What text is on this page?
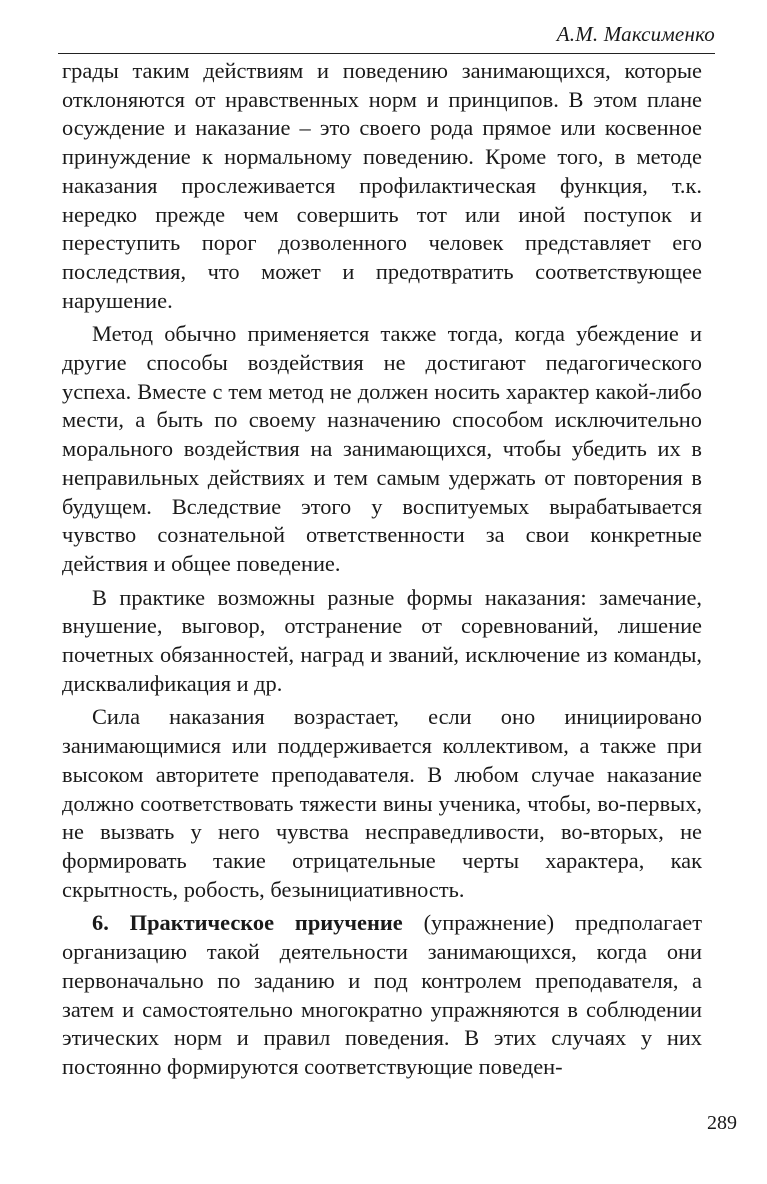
А.М. Максименко

грады таким действиям и поведению занимающихся, которые отклоняются от нравственных норм и принципов. В этом плане осуждение и наказание – это своего рода прямое или косвенное принуждение к нормальному поведению. Кроме того, в методе наказания прослеживается профилактическая функция, т.к. нередко прежде чем совершить тот или иной поступок и переступить порог дозволенного человек представляет его последствия, что может и предотвратить соответствующее нарушение.

Метод обычно применяется также тогда, когда убеждение и другие способы воздействия не достигают педагогического успеха. Вместе с тем метод не должен носить характер какой-либо мести, а быть по своему назначению способом исключительно морального воздействия на занимающихся, чтобы убедить их в неправильных действиях и тем самым удержать от повторения в будущем. Вследствие этого у воспитуемых вырабатывается чувство сознательной ответственности за свои конкретные действия и общее поведение.

В практике возможны разные формы наказания: замечание, внушение, выговор, отстранение от соревнований, лишение почетных обязанностей, наград и званий, исключение из команды, дисквалификация и др.

Сила наказания возрастает, если оно инициировано занимающимися или поддерживается коллективом, а также при высоком авторитете преподавателя. В любом случае наказание должно соответствовать тяжести вины ученика, чтобы, во-первых, не вызвать у него чувства несправедливости, во-вторых, не формировать такие отрицательные черты характера, как скрытность, робость, безынициативность.

6. Практическое приучение (упражнение) предполагает организацию такой деятельности занимающихся, когда они первоначально по заданию и под контролем преподавателя, а затем и самостоятельно многократно упражняются в соблюдении этических норм и правил поведения. В этих случаях у них постоянно формируются соответствующие поведен-

289
